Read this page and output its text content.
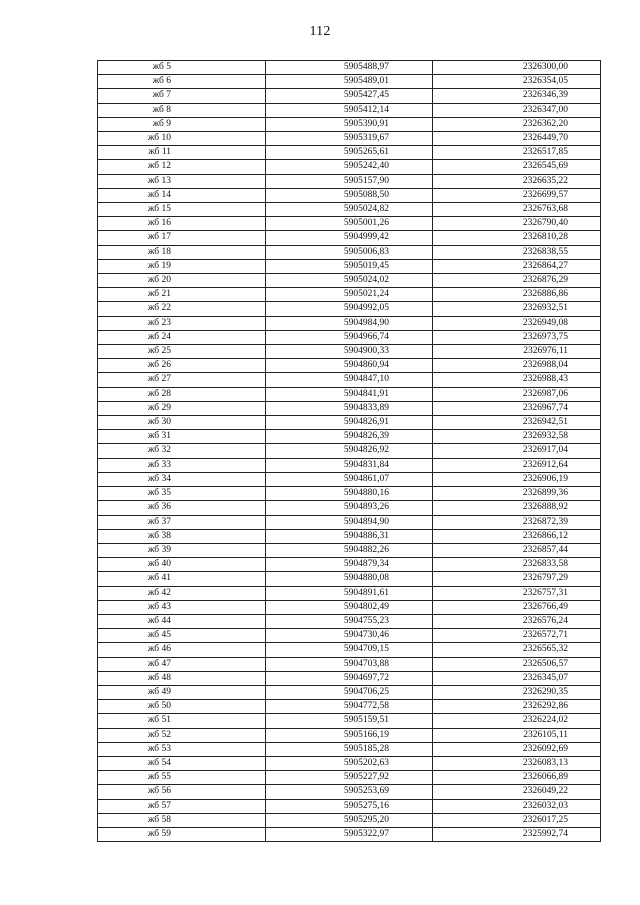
112
жб 5	5905488,97	2326300,00
жб 6	5905489,01	2326354,05
жб 7	5905427,45	2326346,39
жб 8	5905412,14	2326347,00
жб 9	5905390,91	2326362,20
жб 10	5905319,67	2326449,70
жб 11	5905265,61	2326517,85
жб 12	5905242,40	2326545,69
жб 13	5905157,90	2326635,22
жб 14	5905088,50	2326699,57
жб 15	5905024,82	2326763,68
жб 16	5905001,26	2326790,40
жб 17	5904999,42	2326810,28
жб 18	5905006,83	2326838,55
жб 19	5905019,45	2326864,27
жб 20	5905024,02	2326876,29
жб 21	5905021,24	2326886,86
жб 22	5904992,05	2326932,51
жб 23	5904984,90	2326949,08
жб 24	5904966,74	2326973,75
жб 25	5904900,33	2326976,11
жб 26	5904860,94	2326988,04
жб 27	5904847,10	2326988,43
жб 28	5904841,91	2326987,06
жб 29	5904833,89	2326967,74
жб 30	5904826,91	2326942,51
жб 31	5904826,39	2326932,58
жб 32	5904826,92	2326917,04
жб 33	5904831,84	2326912,64
жб 34	5904861,07	2326906,19
жб 35	5904880,16	2326899,36
жб 36	5904893,26	2326888,92
жб 37	5904894,90	2326872,39
жб 38	5904886,31	2326866,12
жб 39	5904882,26	2326857,44
жб 40	5904879,34	2326833,58
жб 41	5904880,08	2326797,29
жб 42	5904891,61	2326757,31
жб 43	5904802,49	2326766,49
жб 44	5904755,23	2326576,24
жб 45	5904730,46	2326572,71
жб 46	5904709,15	2326565,32
жб 47	5904703,88	2326506,57
жб 48	5904697,72	2326345,07
жб 49	5904706,25	2326290,35
жб 50	5904772,58	2326292,86
жб 51	5905159,51	2326224,02
жб 52	5905166,19	2326105,11
жб 53	5905185,28	2326092,69
жб 54	5905202,63	2326083,13
жб 55	5905227,92	2326066,89
жб 56	5905253,69	2326049,22
жб 57	5905275,16	2326032,03
жб 58	5905295,20	2326017,25
жб 59	5905322,97	2325992,74
